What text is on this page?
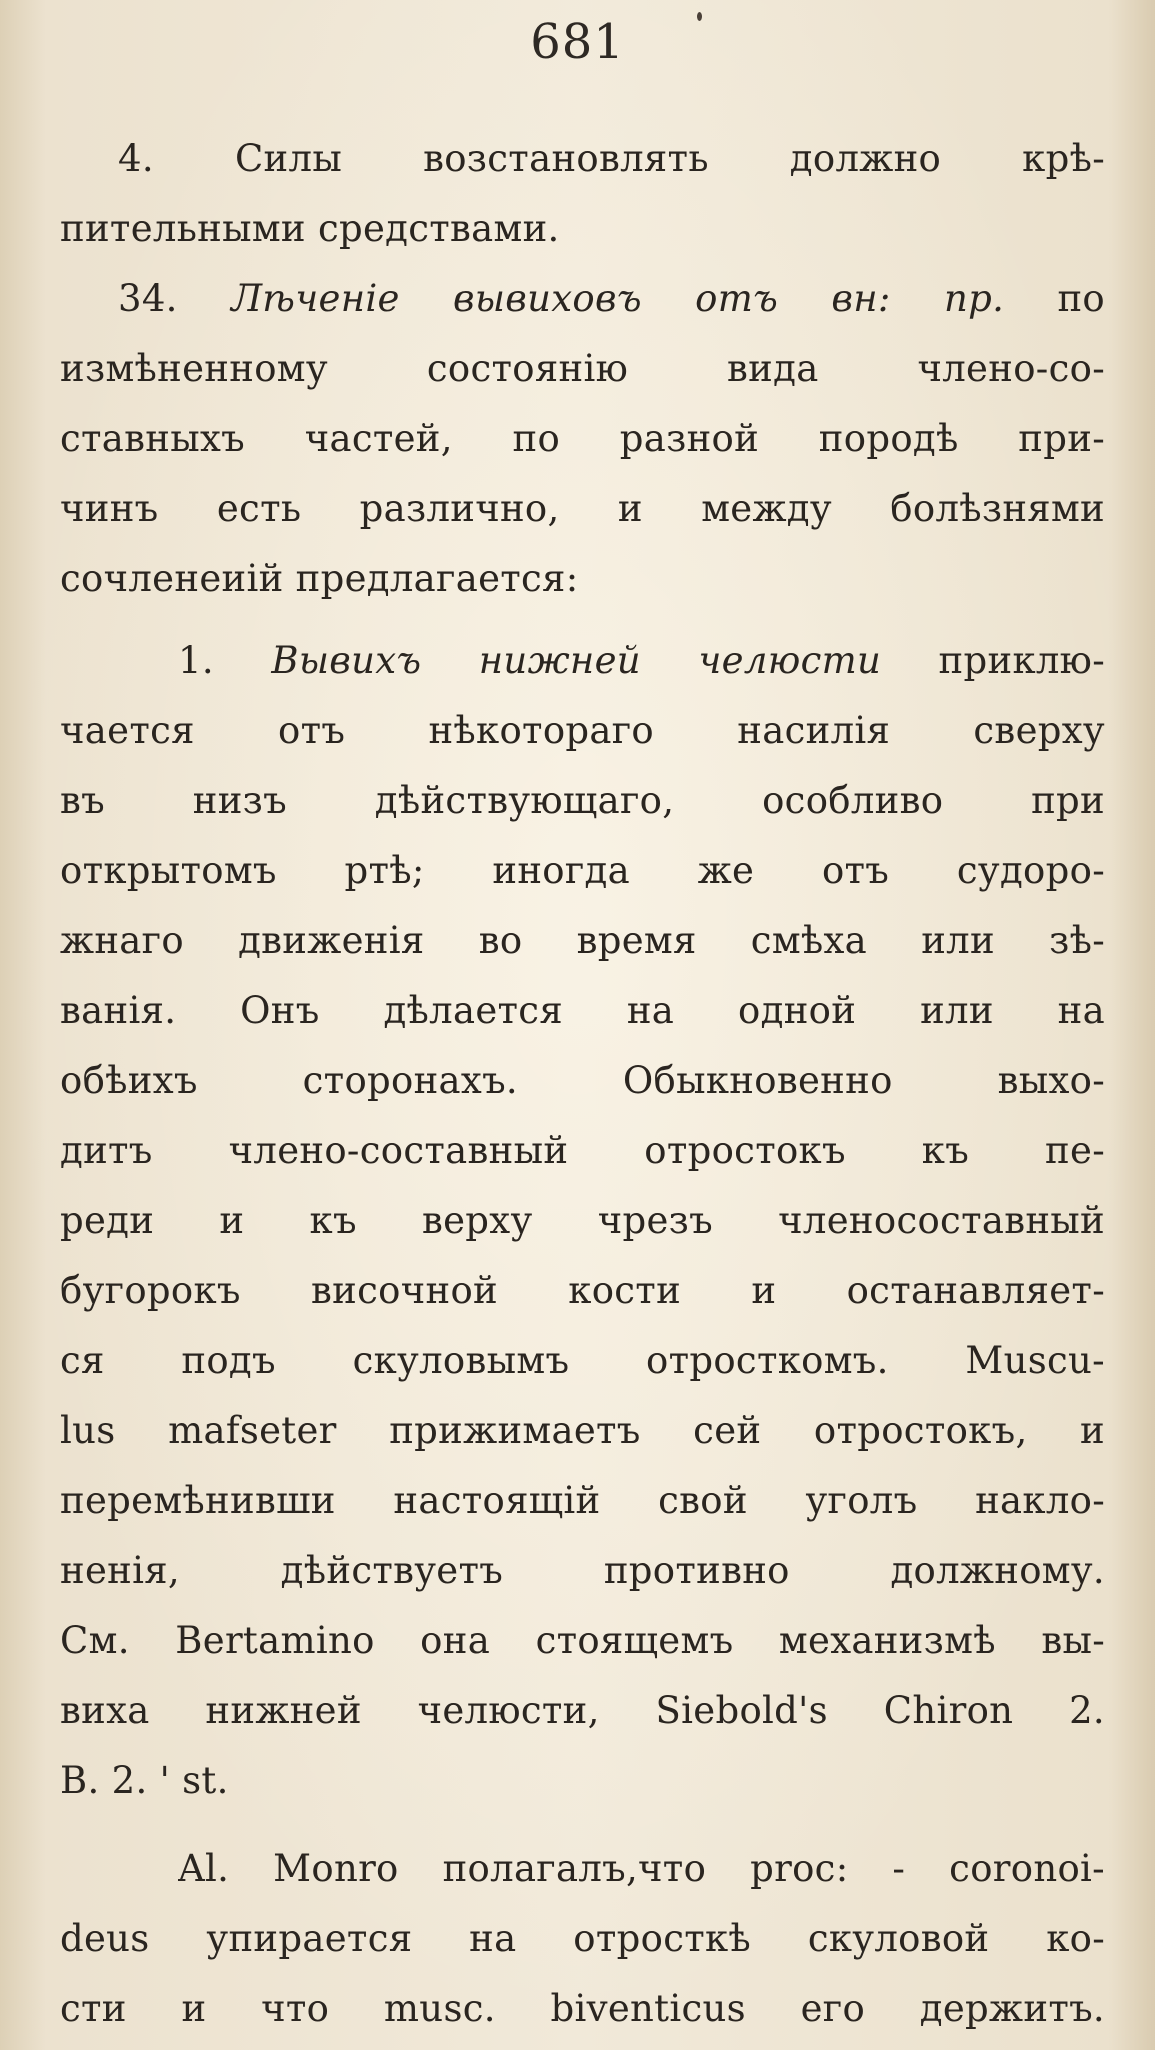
681
4. Силы возстановлять должно крѣ-
пительными средствами.
34. Лѣченіе вывиховъ отъ вн: пр. по
измѣненному состоянію вида члено-со-
ставныхъ частей, по разной породѣ при-
чинъ есть различно, и между болѣзнями
сочленеиій предлагается:
1. Вывихъ нижней челюсти приклю-
чается отъ нѣкотораго насилія сверху
въ низъ дѣйствующаго, особливо при
открытомъ ртѣ; иногда же отъ судоро-
жнаго движенія во время смѣха или зѣ-
ванія. Онъ дѣлается на одной или на
обѣихъ сторонахъ. Обыкновенно выхо-
дитъ члено-составный отростокъ къ пе-
реди и къ верху чрезъ членосоставный
бугорокъ височной кости и останавляет-
ся подъ скуловымъ отросткомъ. Muscu-
lus mafseter прижимаетъ сей отростокъ, и
перемѣнивши настоящій свой уголъ накло-
ненія, дѣйствуетъ противно должному.
См. Bertamino она стоящемъ механизмѣ вы-
виха нижней челюсти, Siebold's Chiron 2.
B. 2. ' st.
Al. Monro полагалъ,что proc: - coronoi-
deus упирается на отросткѣ скуловой ко-
сти и что musc. biventicus его держитъ.
